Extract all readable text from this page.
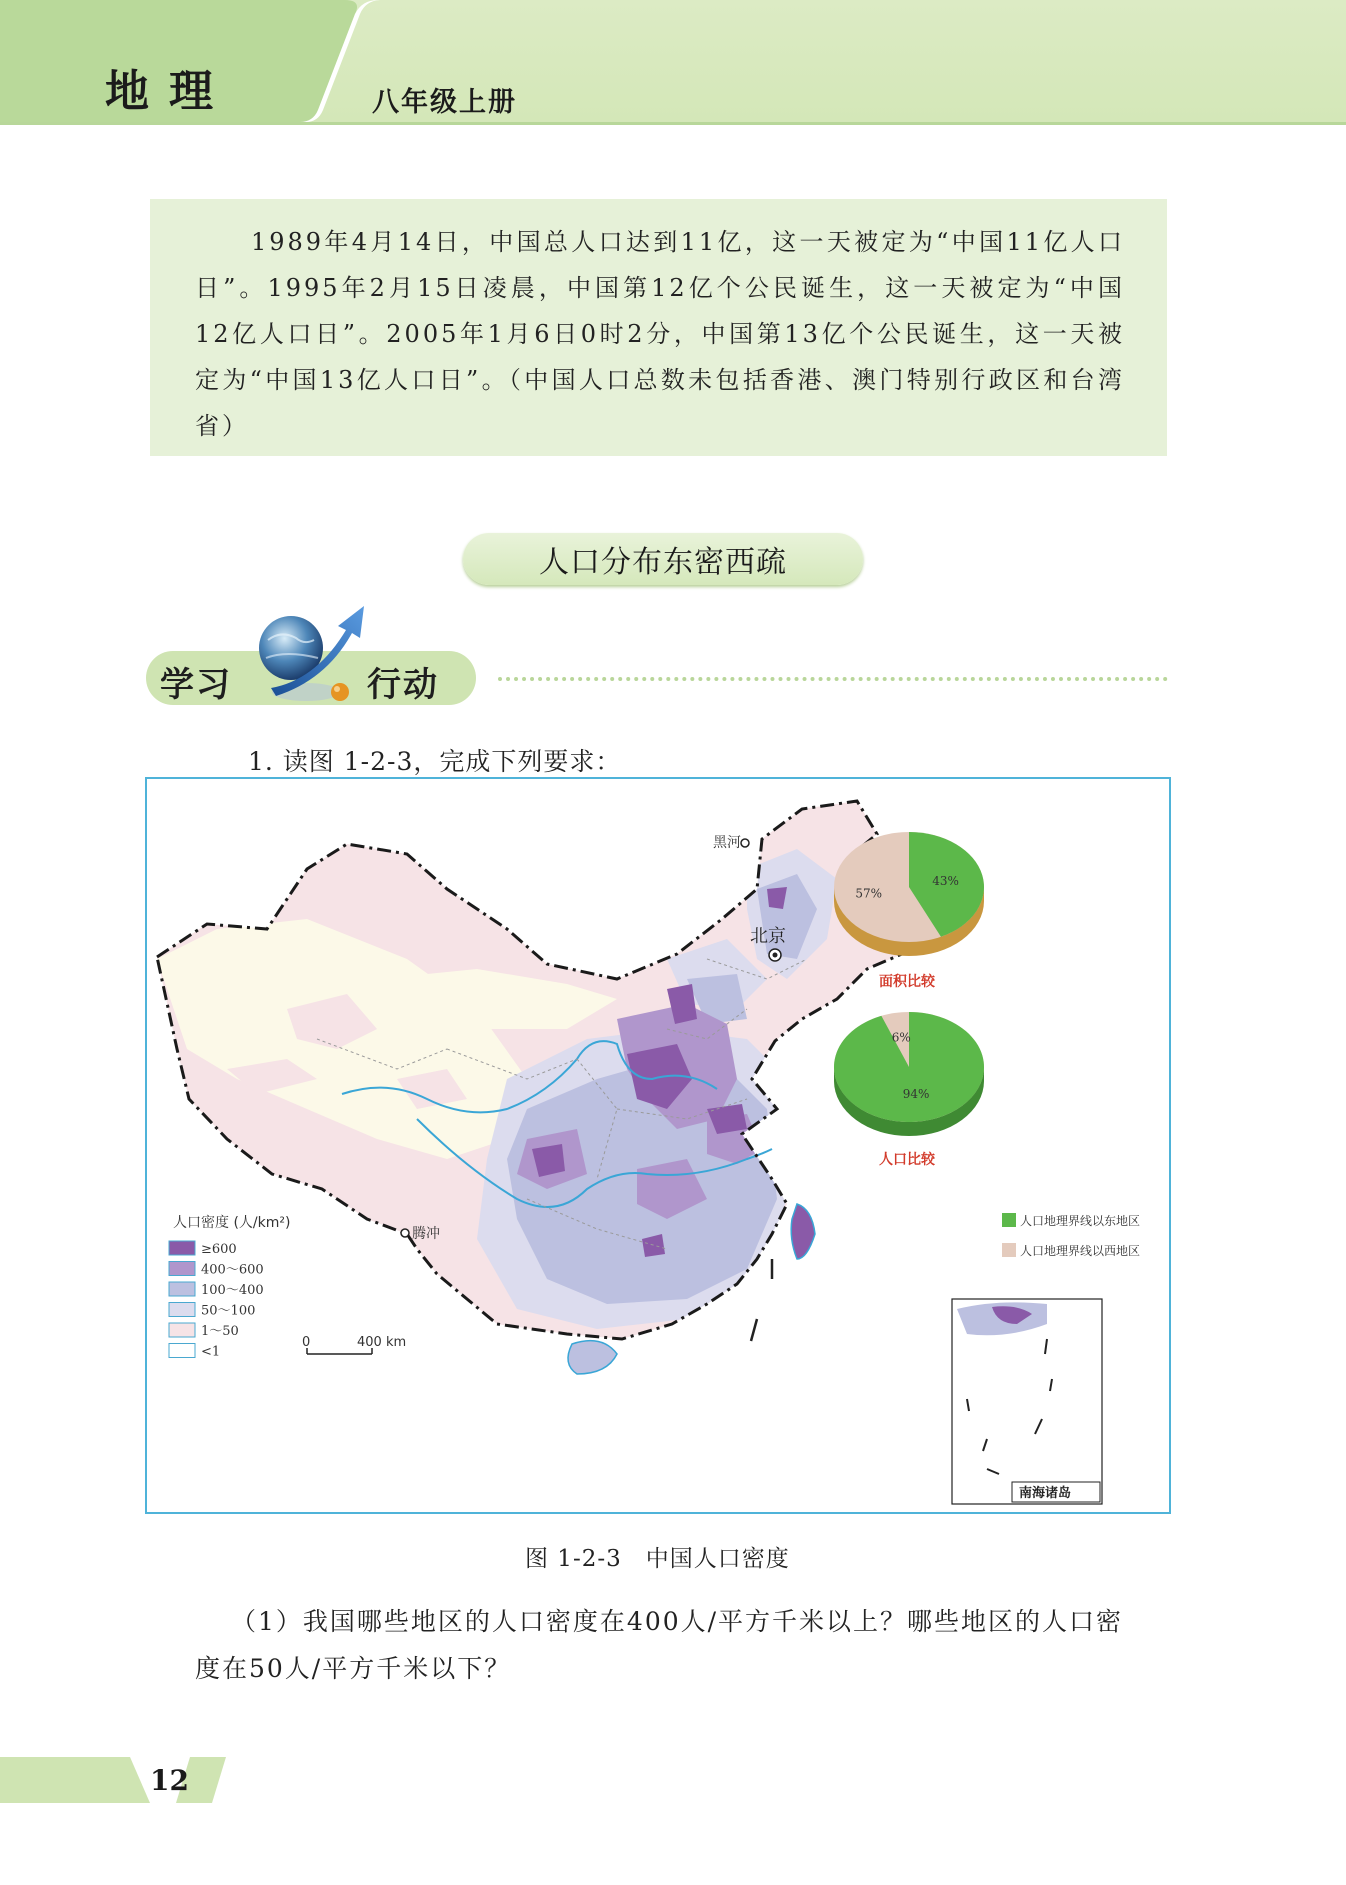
地理	八年级上册

1989年4月14日，中国总人口达到11亿，这一天被定为“中国11亿人口日”。1995年2月15日凌晨，中国第12亿个公民诞生，这一天被定为“中国12亿人口日”。2005年1月6日0时2分，中国第13亿个公民诞生，这一天被定为“中国13亿人口日”。（中国人口总数未包括香港、澳门特别行政区和台湾省）

人口分布东密西疏
学习	行动
1. 读图 1-2-3，完成下列要求：
黑河
北京
腾冲
人口密度 (人/km²)
≥600
400～600
100～400
50～100
1～50
<1
0	400 km
南海诸岛
43%
57%
面积比较
94%
6%
人口比较
人口地理界线以东地区
人口地理界线以西地区
图 1-2-3　中国人口密度
（1）我国哪些地区的人口密度在400人/平方千米以上？哪些地区的人口密度在50人/平方千米以下？
12
